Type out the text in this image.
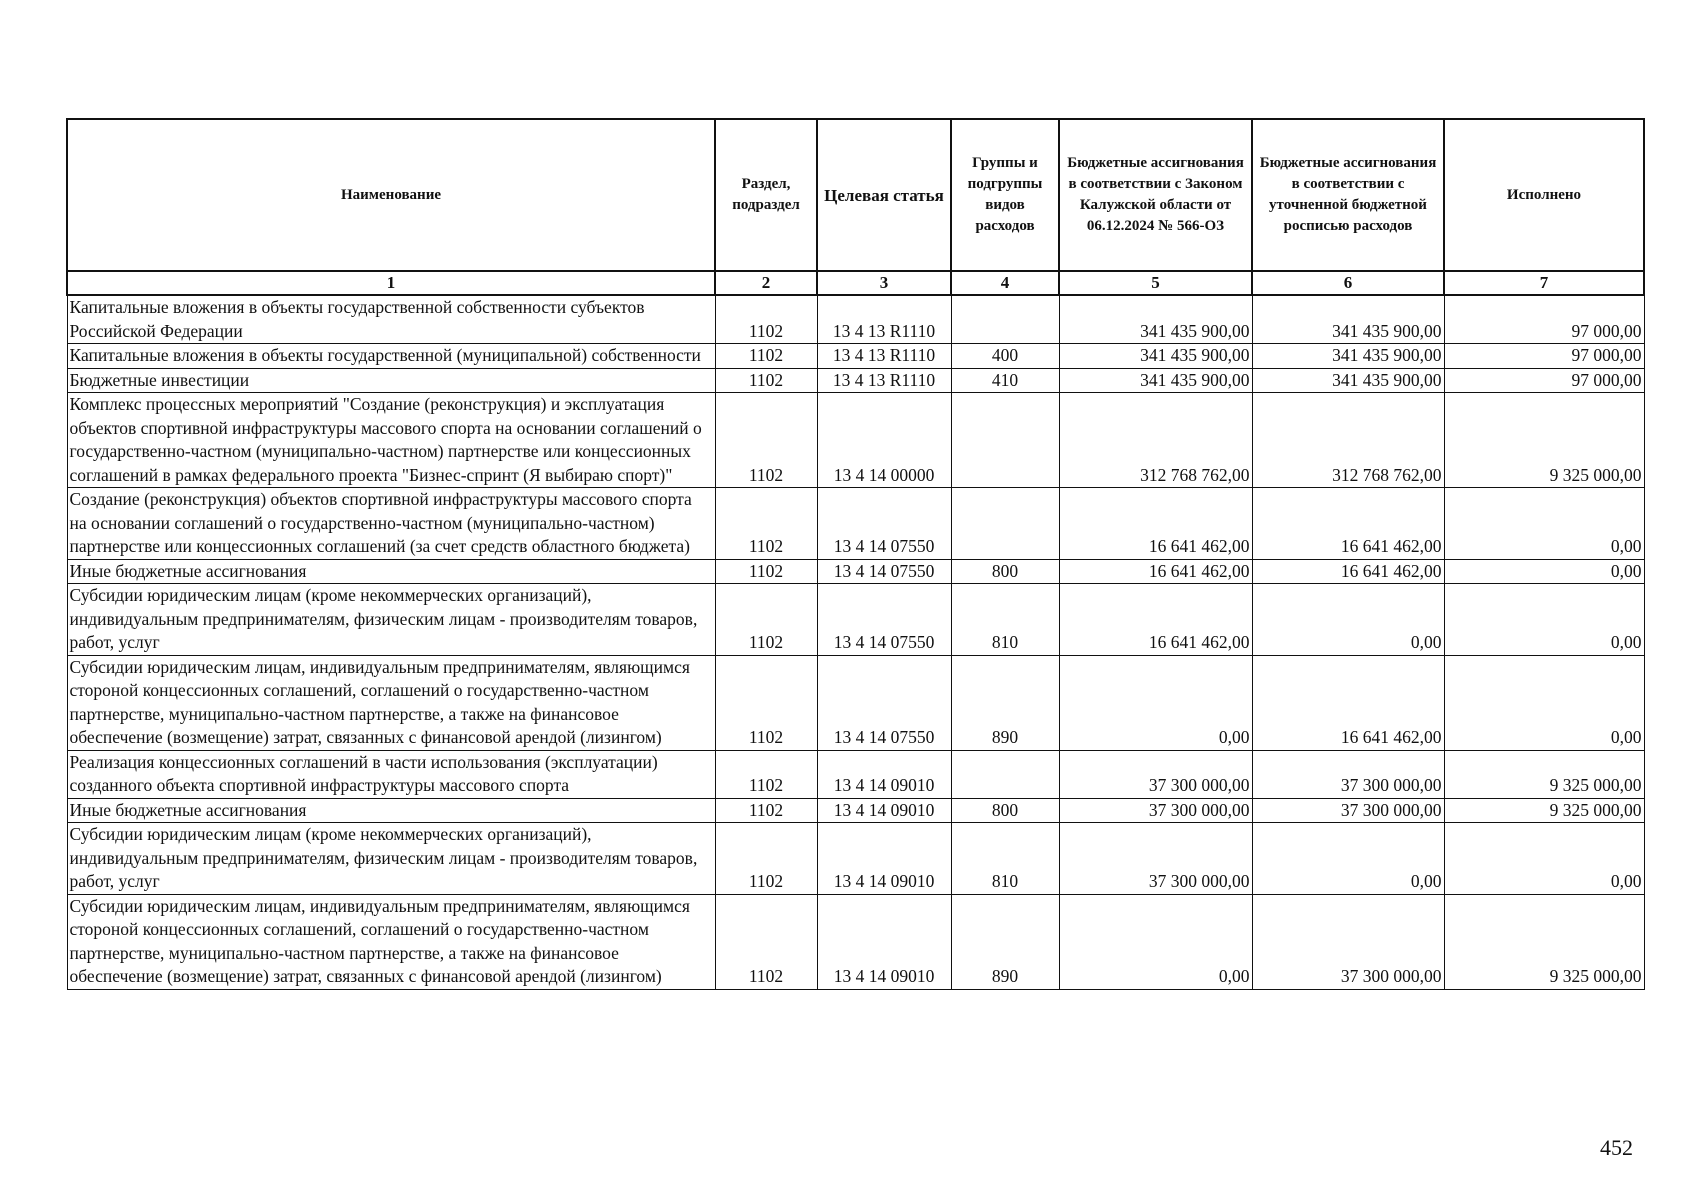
Наименование	Раздел, подраздел	Целевая статья	Группы и подгруппы видов расходов	Бюджетные ассигнования в соответствии с Законом Калужской области от 06.12.2024 № 566-ОЗ	Бюджетные ассигнования в соответствии с уточненной бюджетной росписью расходов	Исполнено
1	2	3	4	5	6	7
Капитальные вложения в объекты государственной собственности субъектов Российской Федерации	1102	13 4 13 R1110		341 435 900,00	341 435 900,00	97 000,00
Капитальные вложения в объекты государственной (муниципальной) собственности	1102	13 4 13 R1110	400	341 435 900,00	341 435 900,00	97 000,00
Бюджетные инвестиции	1102	13 4 13 R1110	410	341 435 900,00	341 435 900,00	97 000,00
Комплекс процессных мероприятий "Создание (реконструкция) и эксплуатация объектов спортивной инфраструктуры массового спорта на основании соглашений о государственно-частном (муниципально-частном) партнерстве или концессионных соглашений в рамках федерального проекта "Бизнес-спринт (Я выбираю спорт)"	1102	13 4 14 00000		312 768 762,00	312 768 762,00	9 325 000,00
Создание (реконструкция) объектов спортивной инфраструктуры массового спорта на основании соглашений о государственно-частном (муниципально-частном) партнерстве или концессионных соглашений (за счет средств областного бюджета)	1102	13 4 14 07550		16 641 462,00	16 641 462,00	0,00
Иные бюджетные ассигнования	1102	13 4 14 07550	800	16 641 462,00	16 641 462,00	0,00
Субсидии юридическим лицам (кроме некоммерческих организаций), индивидуальным предпринимателям, физическим лицам - производителям товаров, работ, услуг	1102	13 4 14 07550	810	16 641 462,00	0,00	0,00
Субсидии юридическим лицам, индивидуальным предпринимателям, являющимся стороной концессионных соглашений, соглашений о государственно-частном партнерстве, муниципально-частном партнерстве, а также на финансовое обеспечение (возмещение) затрат, связанных с финансовой арендой (лизингом)	1102	13 4 14 07550	890	0,00	16 641 462,00	0,00
Реализация концессионных соглашений в части использования (эксплуатации) созданного объекта спортивной инфраструктуры массового спорта	1102	13 4 14 09010		37 300 000,00	37 300 000,00	9 325 000,00
Иные бюджетные ассигнования	1102	13 4 14 09010	800	37 300 000,00	37 300 000,00	9 325 000,00
Субсидии юридическим лицам (кроме некоммерческих организаций), индивидуальным предпринимателям, физическим лицам - производителям товаров, работ, услуг	1102	13 4 14 09010	810	37 300 000,00	0,00	0,00
Субсидии юридическим лицам, индивидуальным предпринимателям, являющимся стороной концессионных соглашений, соглашений о государственно-частном партнерстве, муниципально-частном партнерстве, а также на финансовое обеспечение (возмещение) затрат, связанных с финансовой арендой (лизингом)	1102	13 4 14 09010	890	0,00	37 300 000,00	9 325 000,00
452
